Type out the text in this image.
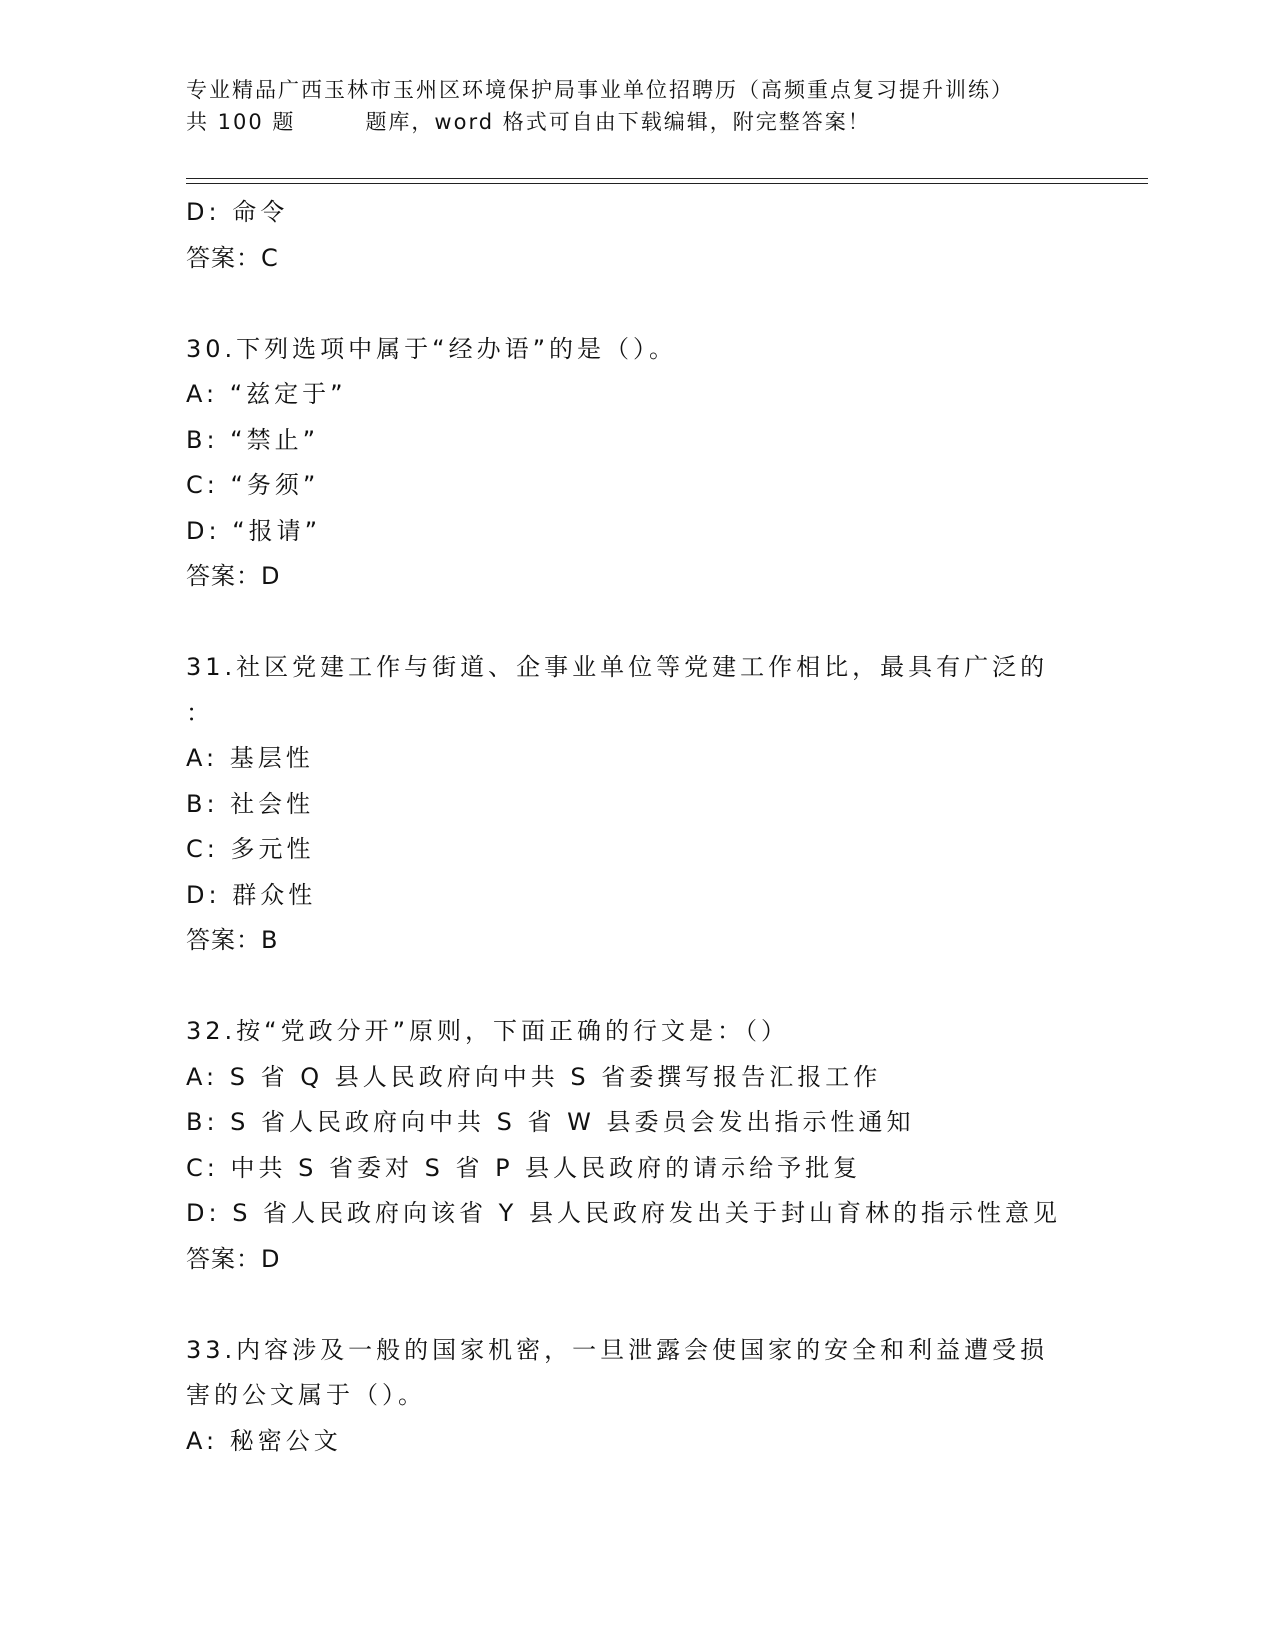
专业精品广西玉林市玉州区环境保护局事业单位招聘历（高频重点复习提升训练）
共 100 题	题库，word 格式可自由下载编辑，附完整答案！
D: 命令
答案：C
30.下列选项中属于“经办语”的是（）。
A: “兹定于”
B: “禁止”
C: “务须”
D: “报请”
答案：D
31.社区党建工作与街道、企事业单位等党建工作相比，最具有广泛的
：
A: 基层性
B: 社会性
C: 多元性
D: 群众性
答案：B
32.按“党政分开”原则，下面正确的行文是：（）
A: S 省 Q 县人民政府向中共 S 省委撰写报告汇报工作
B: S 省人民政府向中共 S 省 W 县委员会发出指示性通知
C: 中共 S 省委对 S 省 P 县人民政府的请示给予批复
D: S 省人民政府向该省 Y 县人民政府发出关于封山育林的指示性意见
答案：D
33.内容涉及一般的国家机密，一旦泄露会使国家的安全和利益遭受损
害的公文属于（）。
A: 秘密公文
